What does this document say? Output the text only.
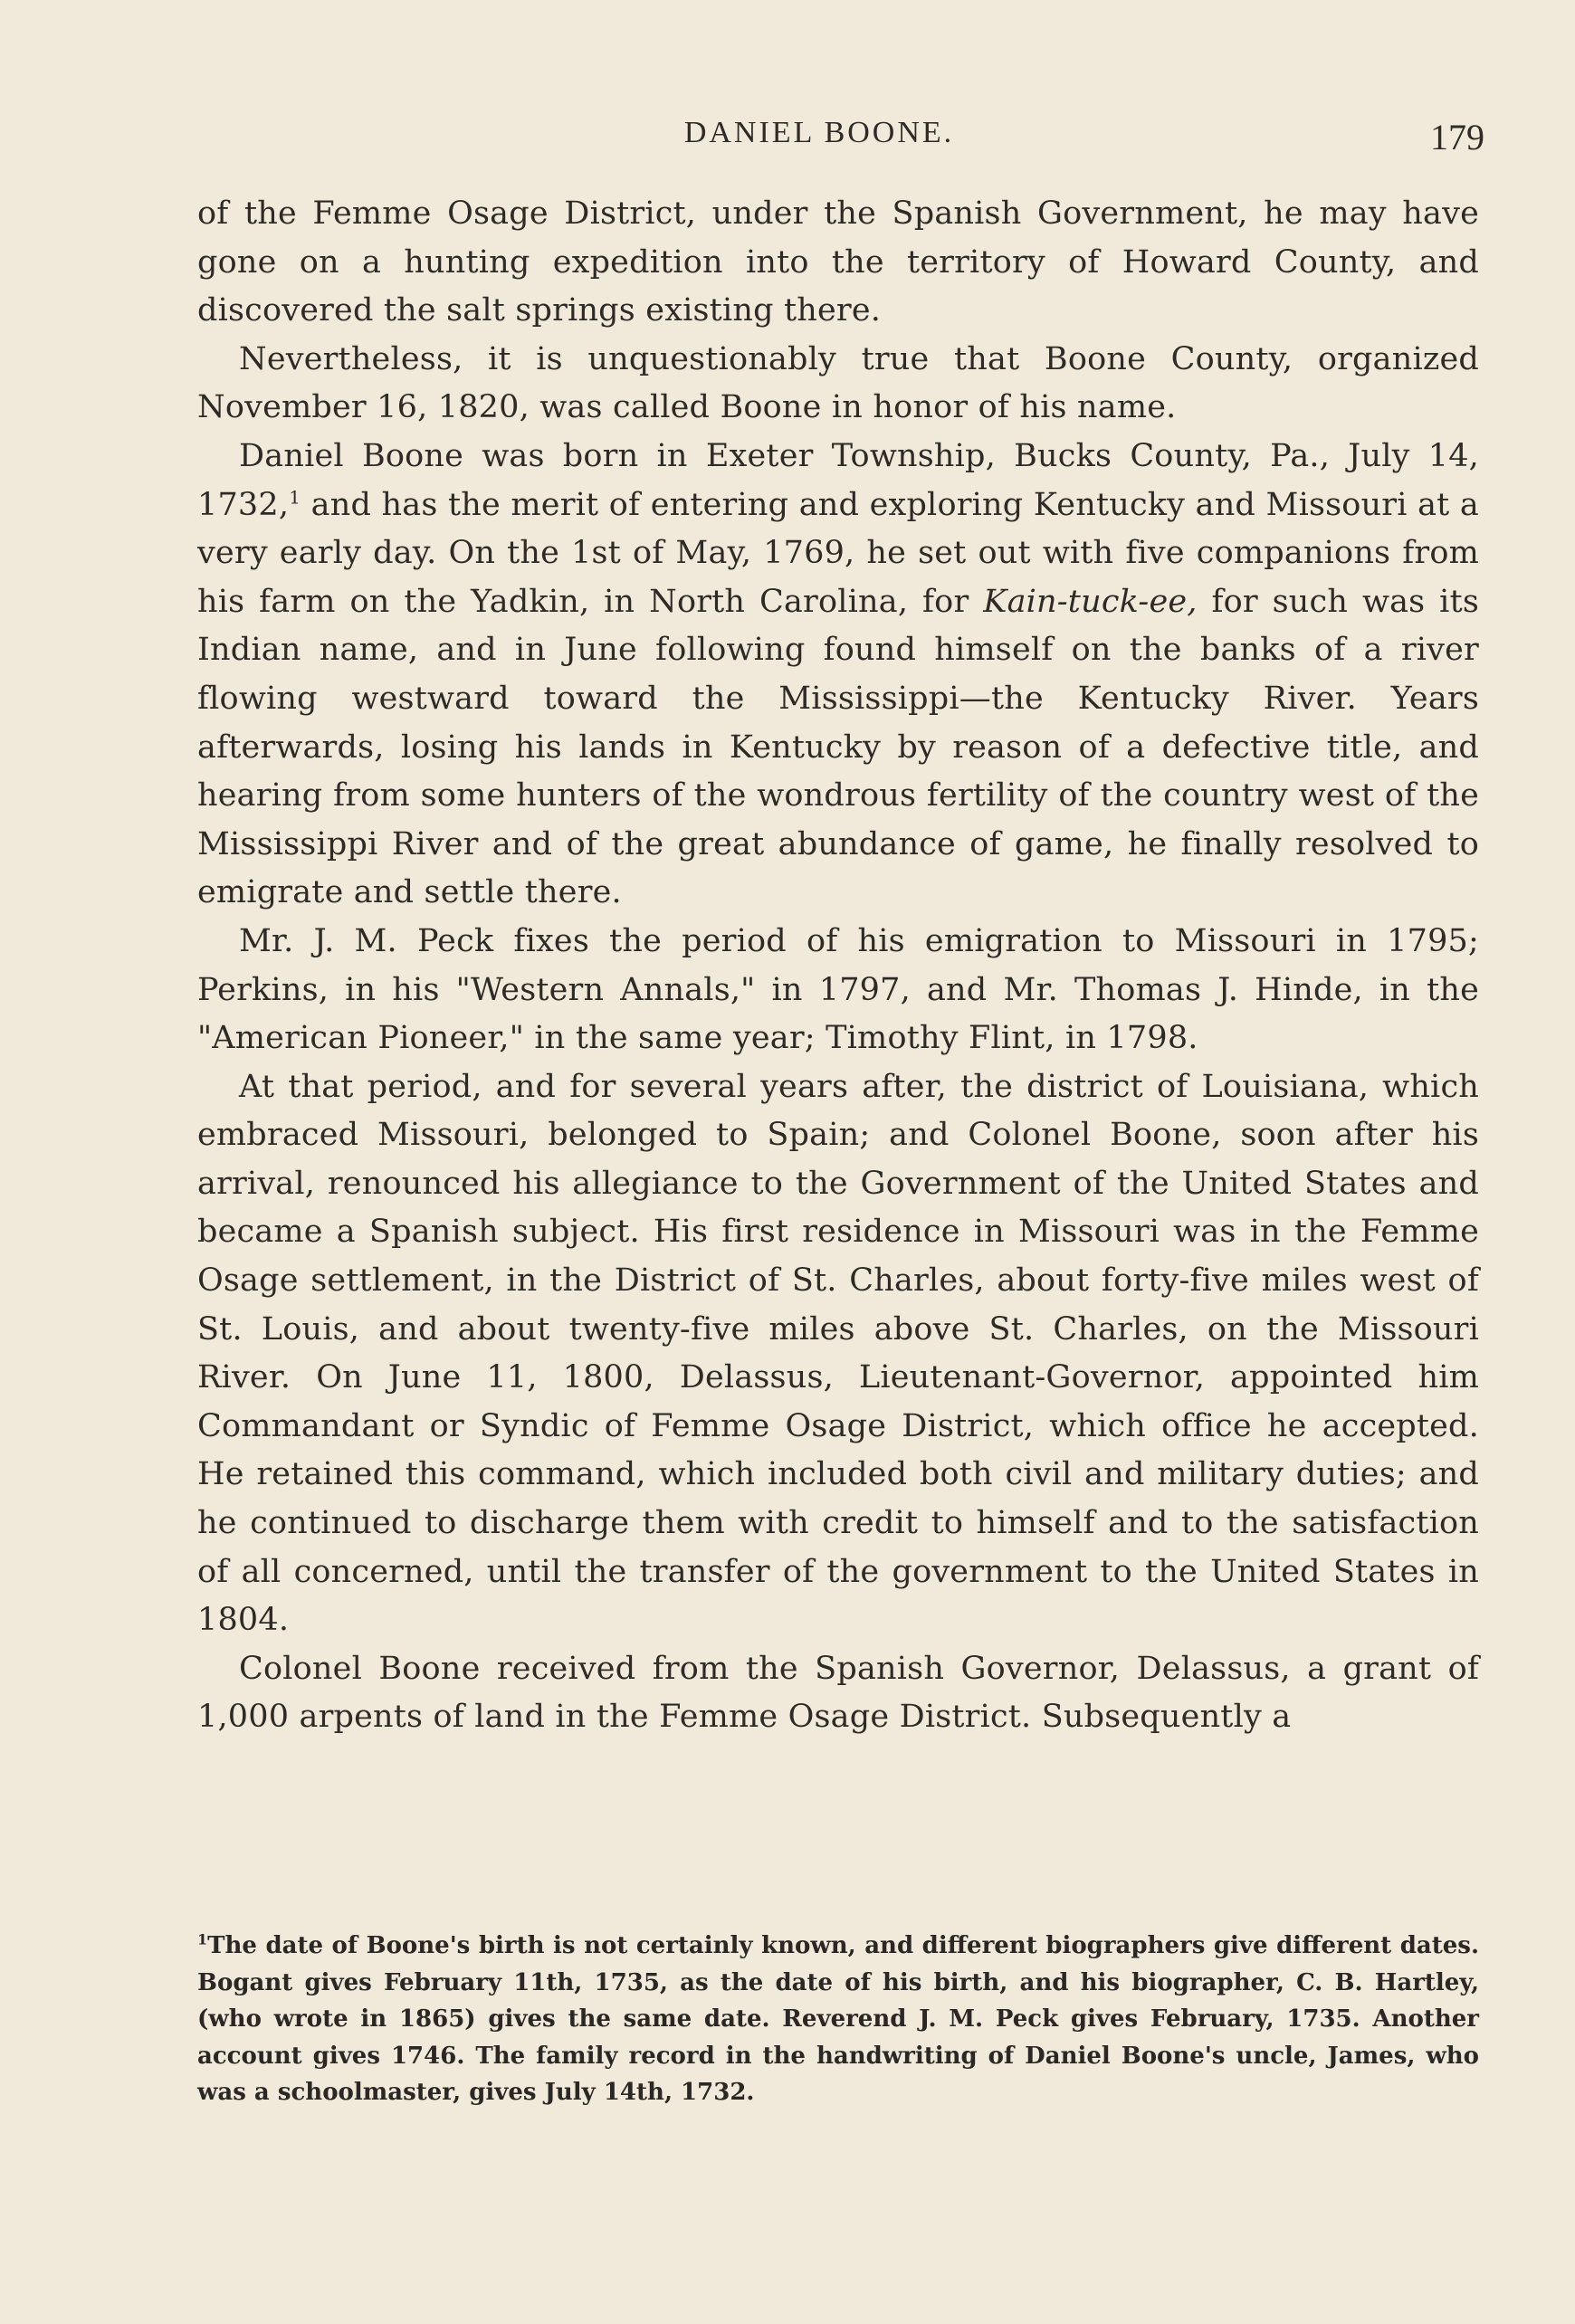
DANIEL BOONE.	179

of the Femme Osage District, under the Spanish Government, he may have gone on a hunting expedition into the territory of Howard County, and discovered the salt springs existing there.

Nevertheless, it is unquestionably true that Boone County, organized November 16, 1820, was called Boone in honor of his name.

Daniel Boone was born in Exeter Township, Bucks County, Pa., July 14, 1732,$^1$ and has the merit of entering and exploring Kentucky and Missouri at a very early day. On the 1st of May, 1769, he set out with five companions from his farm on the Yadkin, in North Carolina, for Kain-tuck-ee, for such was its Indian name, and in June following found himself on the banks of a river flowing westward toward the Mississippi—the Kentucky River. Years afterwards, losing his lands in Kentucky by reason of a defective title, and hearing from some hunters of the wondrous fertility of the country west of the Mississippi River and of the great abundance of game, he finally resolved to emigrate and settle there.

Mr. J. M. Peck fixes the period of his emigration to Missouri in 1795; Perkins, in his "Western Annals," in 1797, and Mr. Thomas J. Hinde, in the "American Pioneer," in the same year; Timothy Flint, in 1798.

At that period, and for several years after, the district of Louisiana, which embraced Missouri, belonged to Spain; and Colonel Boone, soon after his arrival, renounced his allegiance to the Government of the United States and became a Spanish subject. His first residence in Missouri was in the Femme Osage settlement, in the District of St. Charles, about forty-five miles west of St. Louis, and about twenty-five miles above St. Charles, on the Missouri River. On June 11, 1800, Delassus, Lieutenant-Governor, appointed him Commandant or Syndic of Femme Osage District, which office he accepted. He retained this command, which included both civil and military duties; and he continued to discharge them with credit to himself and to the satisfaction of all concerned, until the transfer of the government to the United States in 1804.

Colonel Boone received from the Spanish Governor, Delassus, a grant of 1,000 arpents of land in the Femme Osage District. Subsequently a

$^1$The date of Boone's birth is not certainly known, and different biographers give different dates. Bogant gives February 11th, 1735, as the date of his birth, and his biographer, C. B. Hartley, (who wrote in 1865) gives the same date. Reverend J. M. Peck gives February, 1735. Another account gives 1746. The family record in the handwriting of Daniel Boone's uncle, James, who was a schoolmaster, gives July 14th, 1732.
